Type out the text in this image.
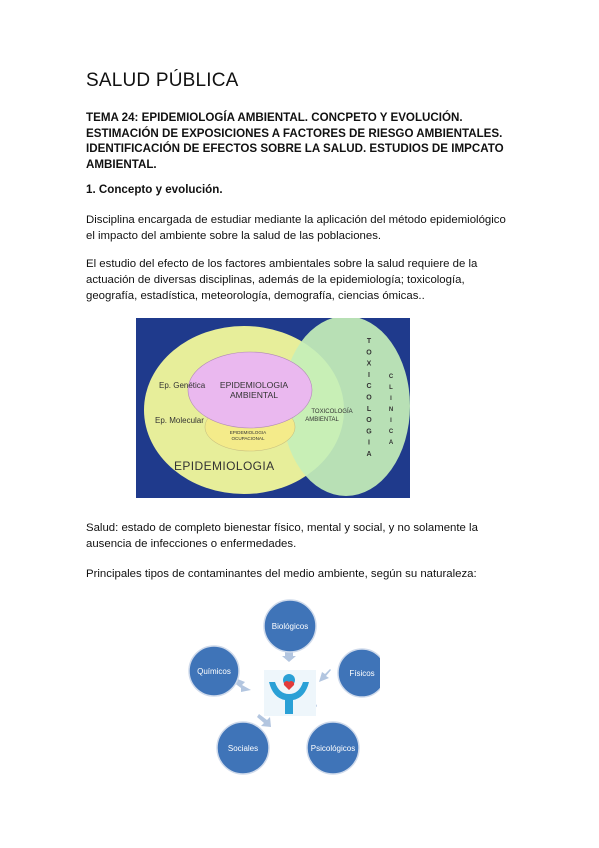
SALUD PÚBLICA

TEMA 24: EPIDEMIOLOGÍA AMBIENTAL. CONCPETO Y EVOLUCIÓN. ESTIMACIÓN DE EXPOSICIONES A FACTORES DE RIESGO AMBIENTALES. IDENTIFICACIÓN DE EFECTOS SOBRE LA SALUD. ESTUDIOS DE IMPCATO AMBIENTAL.

1. Concepto y evolución.

Disciplina encargada de estudiar mediante la aplicación del método epidemiológico el impacto del ambiente sobre la salud de las poblaciones.

El estudio del efecto de los factores ambientales sobre la salud requiere de la actuación de diversas disciplinas, además de la epidemiología; toxicología, geografía, estadística, meteorología, demografía, ciencias ómicas..

EPIDEMIOLOGIA
AMBIENTAL
Ep. Genética
Ep. Molecular
EPIDEMIOLOGIA
OCUPACIONAL
TOXICOLOGÍA
AMBIENTAL
EPIDEMIOLOGIA
TOXICOLOGIA	CLINICA

Salud: estado de completo bienestar físico, mental y social, y no solamente la ausencia de infecciones o enfermedades.

Principales tipos de contaminantes del medio ambiente, según su naturaleza:

Biológicos
Físicos
Psicológicos
Sociales
Químicos
